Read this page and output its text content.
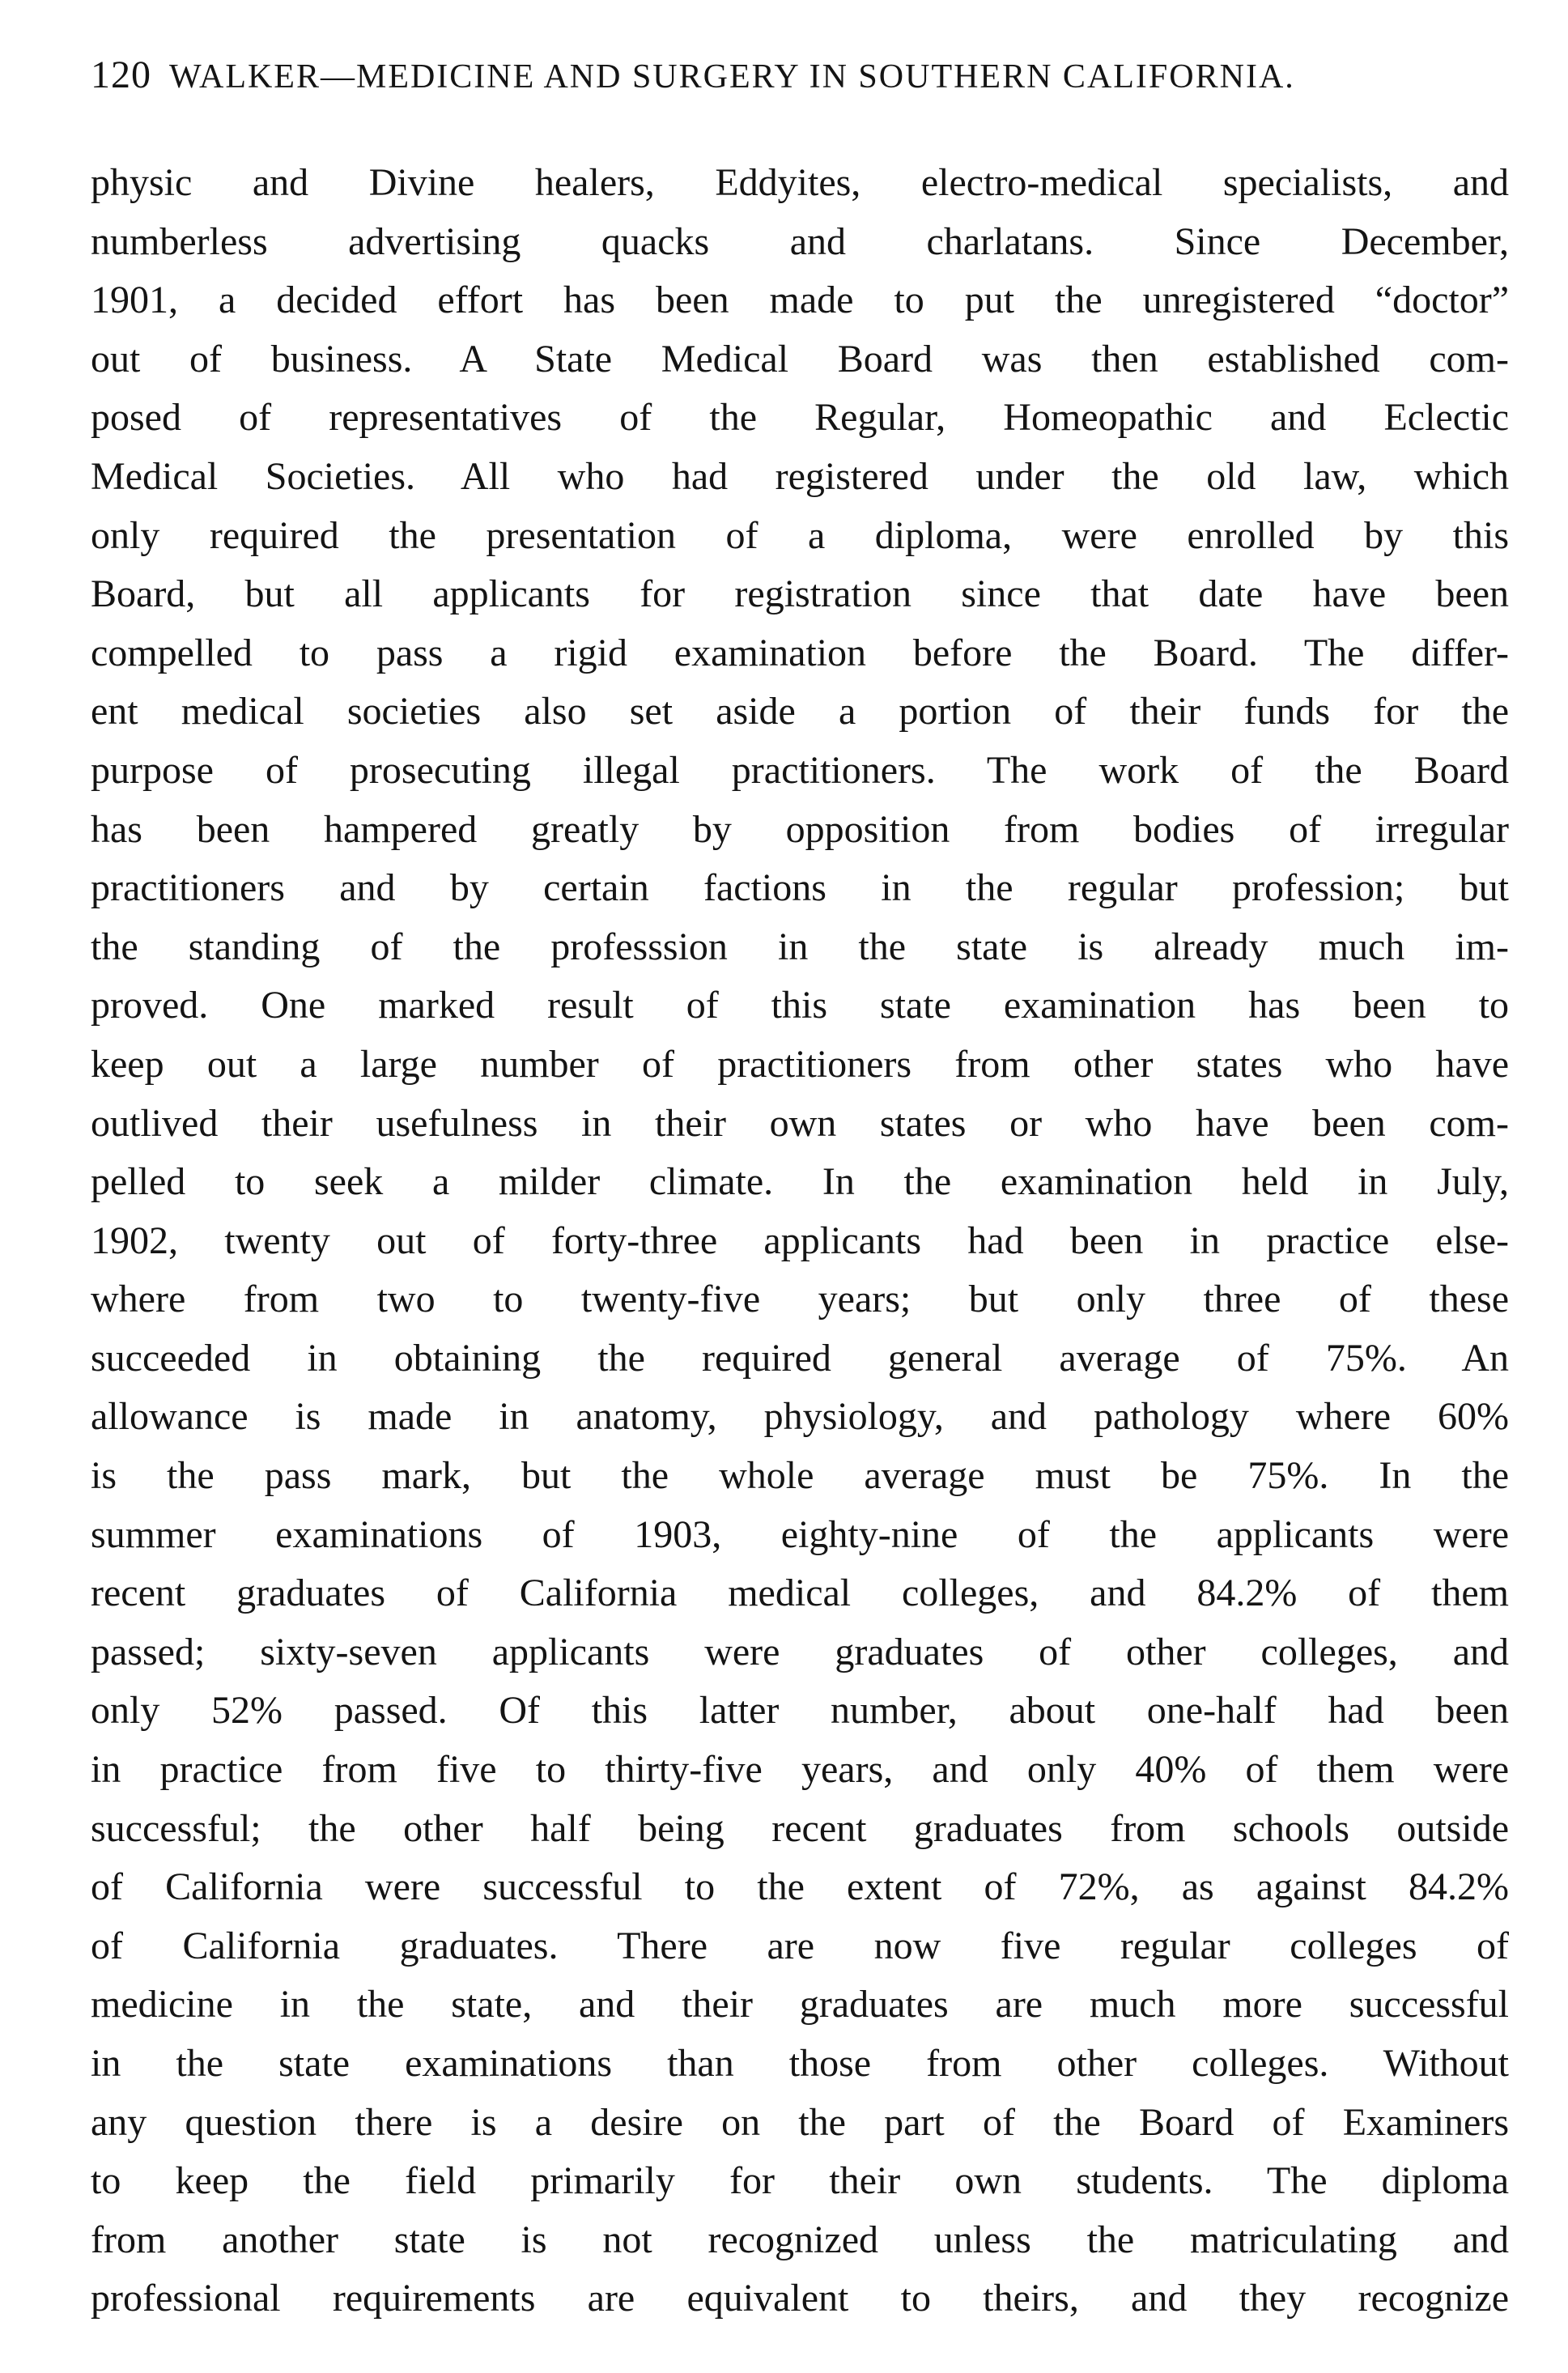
120 WALKER—MEDICINE AND SURGERY IN SOUTHERN CALIFORNIA.
physic and Divine healers, Eddyites, electro-medical specialists, and
numberless advertising quacks and charlatans. Since December,
1901, a decided effort has been made to put the unregistered “doctor”
out of business. A State Medical Board was then established com-
posed of representatives of the Regular, Homeopathic and Eclectic
Medical Societies. All who had registered under the old law, which
only required the presentation of a diploma, were enrolled by this
Board, but all applicants for registration since that date have been
compelled to pass a rigid examination before the Board. The differ-
ent medical societies also set aside a portion of their funds for the
purpose of prosecuting illegal practitioners. The work of the Board
has been hampered greatly by opposition from bodies of irregular
practitioners and by certain factions in the regular profession; but
the standing of the professsion in the state is already much im-
proved. One marked result of this state examination has been to
keep out a large number of practitioners from other states who have
outlived their usefulness in their own states or who have been com-
pelled to seek a milder climate. In the examination held in July,
1902, twenty out of forty-three applicants had been in practice else-
where from two to twenty-five years; but only three of these
succeeded in obtaining the required general average of 75%. An
allowance is made in anatomy, physiology, and pathology where 60%
is the pass mark, but the whole average must be 75%. In the
summer examinations of 1903, eighty-nine of the applicants were
recent graduates of California medical colleges, and 84.2% of them
passed; sixty-seven applicants were graduates of other colleges, and
only 52% passed. Of this latter number, about one-half had been
in practice from five to thirty-five years, and only 40% of them were
successful; the other half being recent graduates from schools outside
of California were successful to the extent of 72%, as against 84.2%
of California graduates. There are now five regular colleges of
medicine in the state, and their graduates are much more successful
in the state examinations than those from other colleges. Without
any question there is a desire on the part of the Board of Examiners
to keep the field primarily for their own students. The diploma
from another state is not recognized unless the matriculating and
professional requirements are equivalent to theirs, and they recognize
